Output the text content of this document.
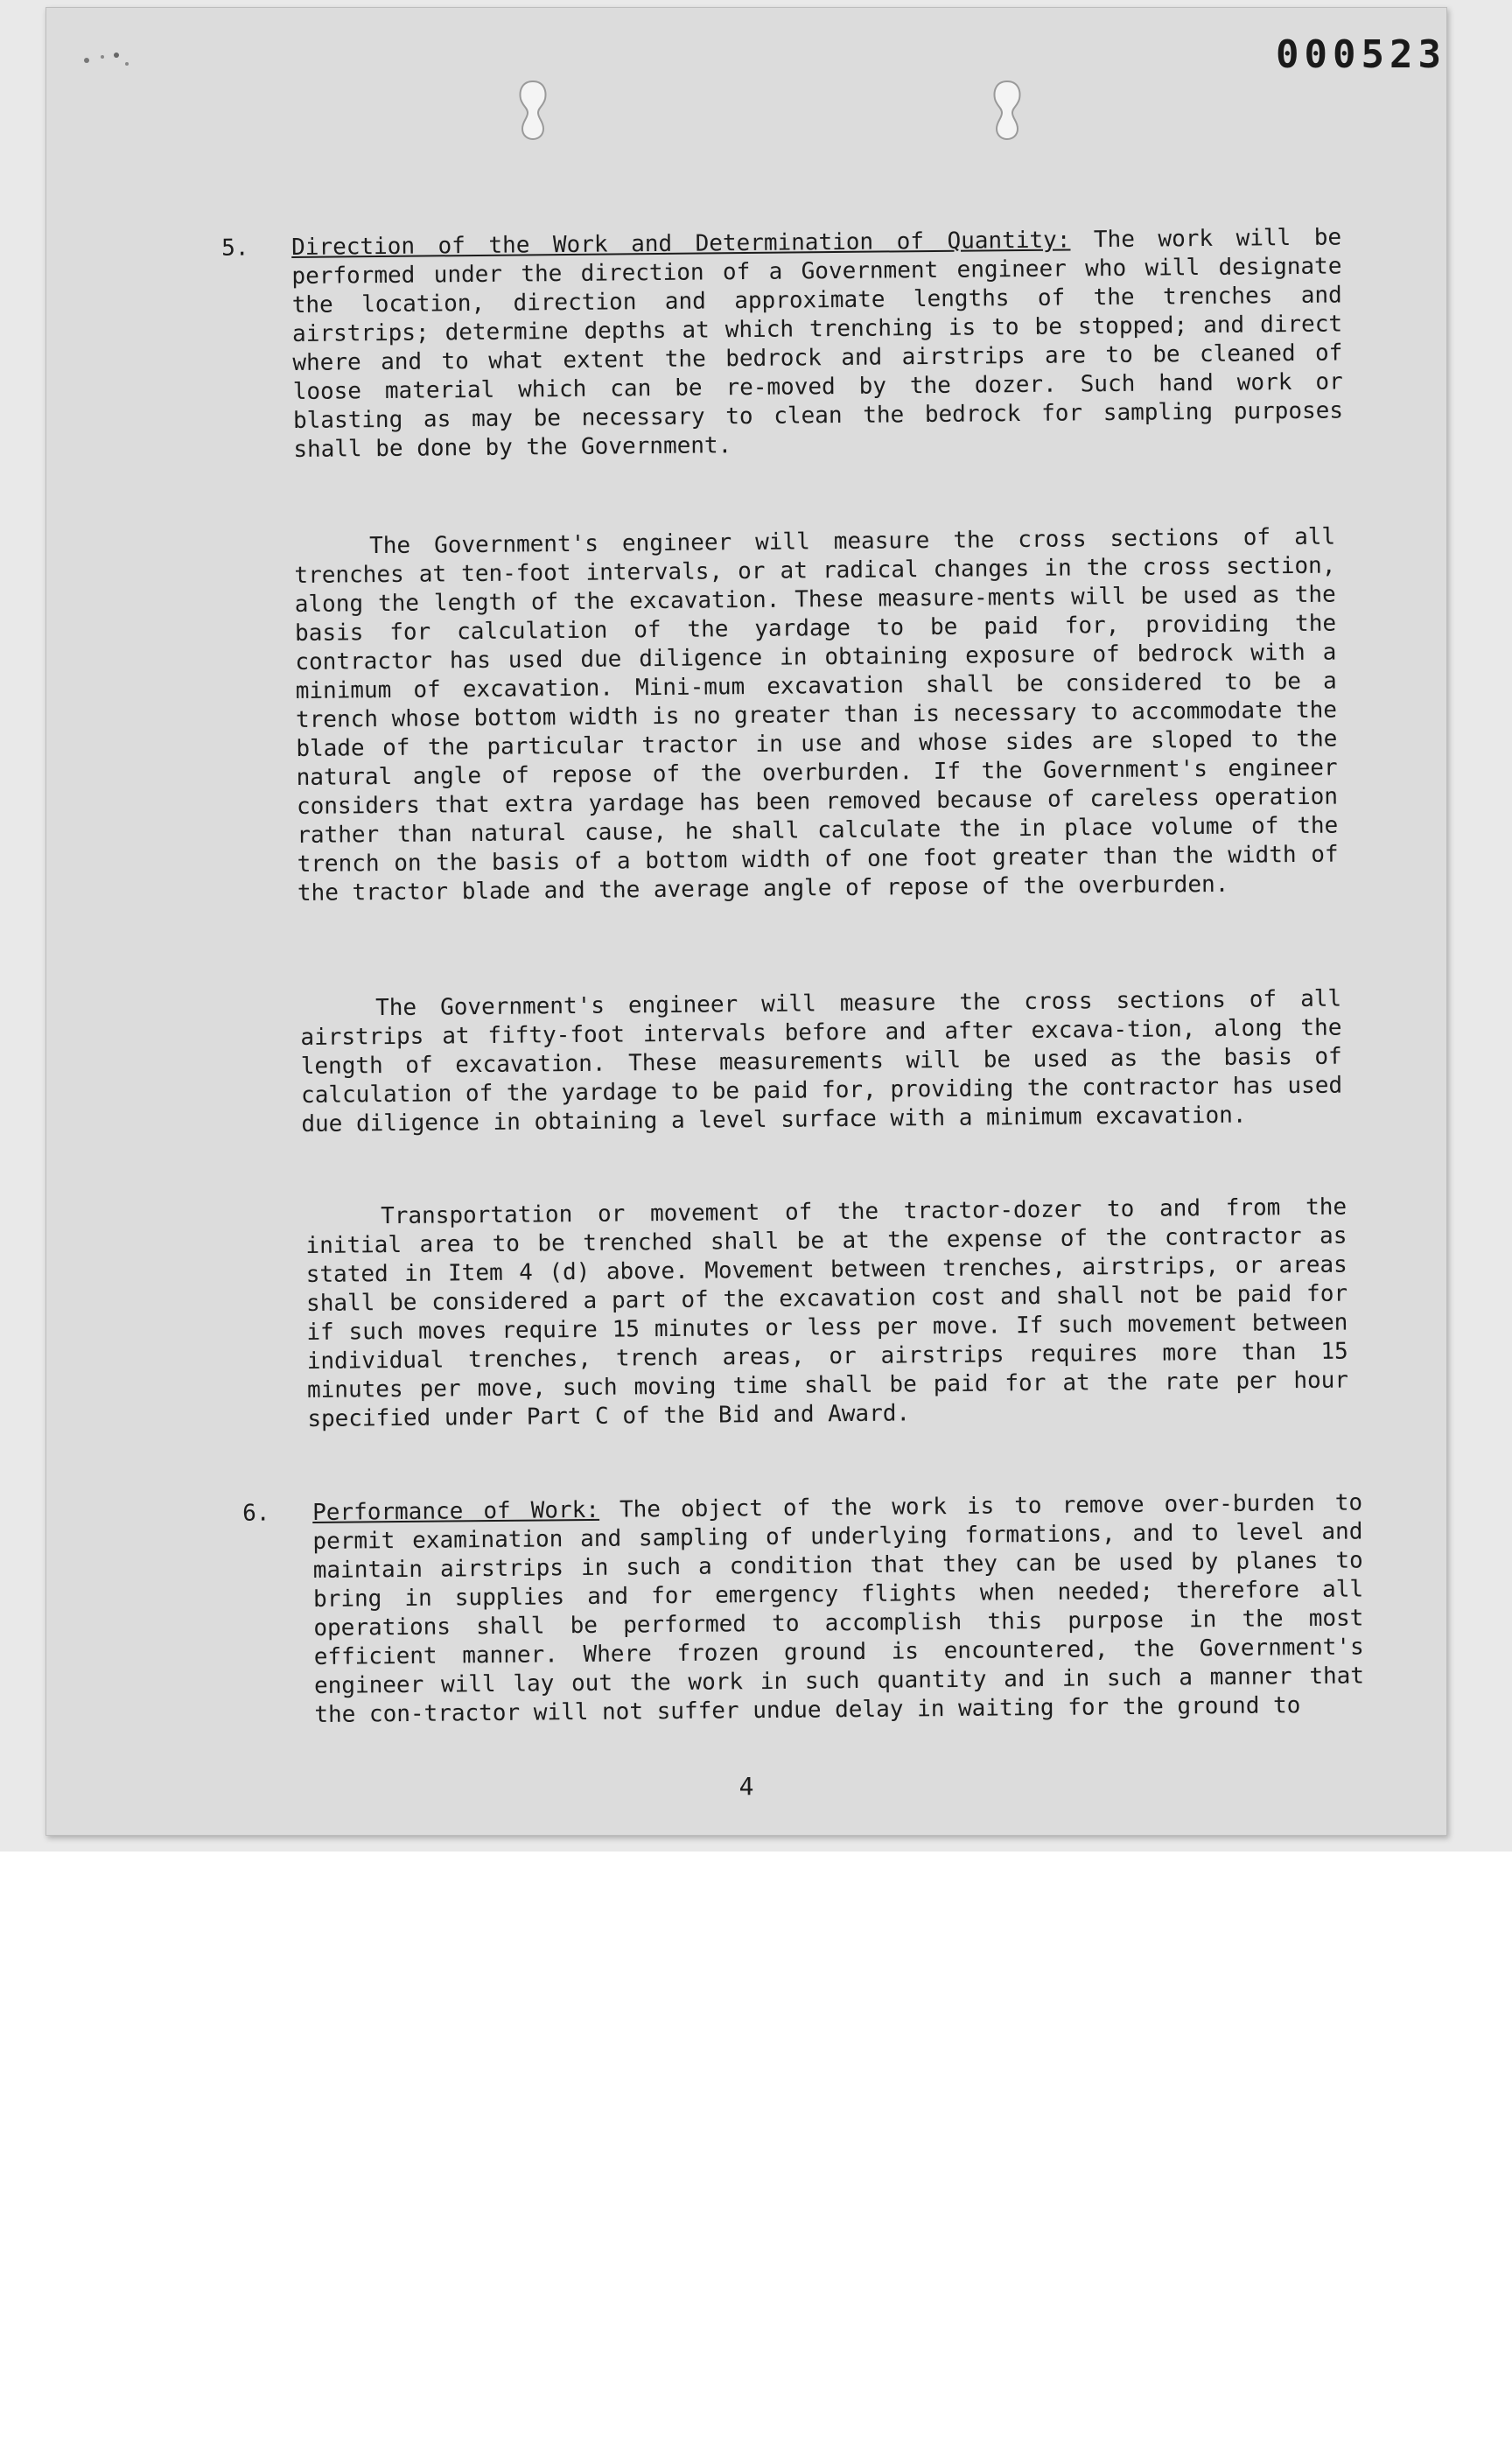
000523
5. Direction of the Work and Determination of Quantity: The work will be performed under the direction of a Government engineer who will designate the location, direction and approximate lengths of the trenches and airstrips; determine depths at which trenching is to be stopped; and direct where and to what extent the bedrock and airstrips are to be cleaned of loose material which can be re-moved by the dozer. Such hand work or blasting as may be necessary to clean the bedrock for sampling purposes shall be done by the Government.
The Government's engineer will measure the cross sections of all trenches at ten-foot intervals, or at radical changes in the cross section, along the length of the excavation. These measure-ments will be used as the basis for calculation of the yardage to be paid for, providing the contractor has used due diligence in obtaining exposure of bedrock with a minimum of excavation. Mini-mum excavation shall be considered to be a trench whose bottom width is no greater than is necessary to accommodate the blade of the particular tractor in use and whose sides are sloped to the natural angle of repose of the overburden. If the Government's engineer considers that extra yardage has been removed because of careless operation rather than natural cause, he shall calculate the in place volume of the trench on the basis of a bottom width of one foot greater than the width of the tractor blade and the average angle of repose of the overburden.
The Government's engineer will measure the cross sections of all airstrips at fifty-foot intervals before and after excava-tion, along the length of excavation. These measurements will be used as the basis of calculation of the yardage to be paid for, providing the contractor has used due diligence in obtaining a level surface with a minimum excavation.
Transportation or movement of the tractor-dozer to and from the initial area to be trenched shall be at the expense of the contractor as stated in Item 4 (d) above. Movement between trenches, airstrips, or areas shall be considered a part of the excavation cost and shall not be paid for if such moves require 15 minutes or less per move. If such movement between individual trenches, trench areas, or airstrips requires more than 15 minutes per move, such moving time shall be paid for at the rate per hour specified under Part C of the Bid and Award.
6. Performance of Work: The object of the work is to remove over-burden to permit examination and sampling of underlying formations, and to level and maintain airstrips in such a condition that they can be used by planes to bring in supplies and for emergency flights when needed; therefore all operations shall be performed to accomplish this purpose in the most efficient manner. Where frozen ground is encountered, the Government's engineer will lay out the work in such quantity and in such a manner that the con-tractor will not suffer undue delay in waiting for the ground to
4
